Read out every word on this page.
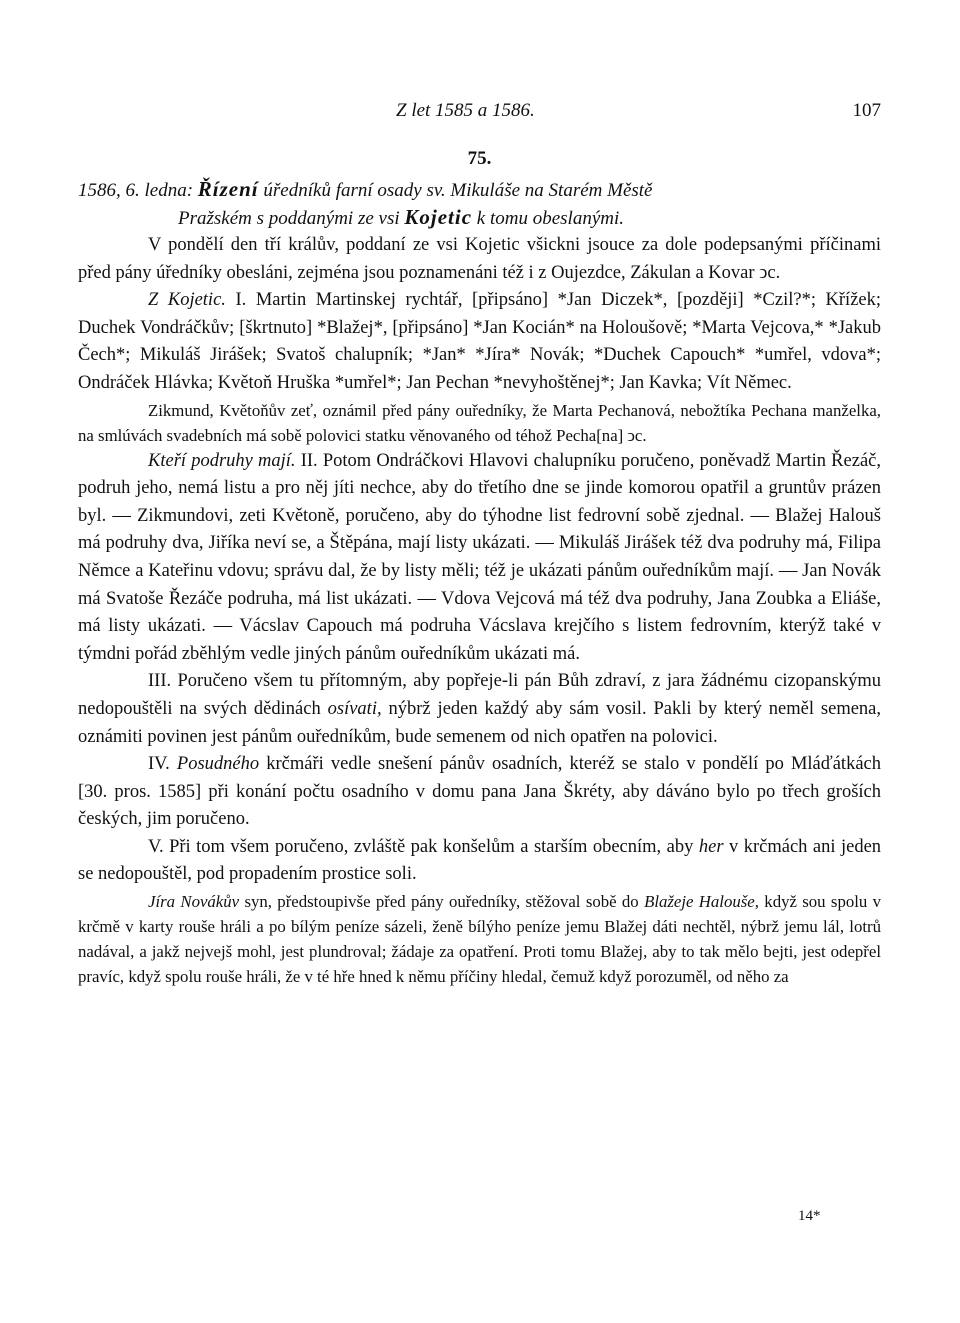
Z let 1585 a 1586.	107
75.
1586, 6. ledna: Řízení úředníků farní osady sv. Mikuláše na Starém Městě
Pražském s poddanými ze vsi Kojetic k tomu obeslanými.

V pondělí den tří králův, poddaní ze vsi Kojetic všickni jsouce za dole podepsanými příčinami před pány úředníky obesláni, zejména jsou poznamenáni též i z Oujezdce, Zákulan a Kovar ͻc.

Z Kojetic. I. Martin Martinskej rychtář, [připsáno] *Jan Diczek*, [později] *Czil?*; Křížek; Duchek Vondráčkův; [škrtnuto] *Blažej*, [připsáno] *Jan Kocián* na Holoušově; *Marta Vejcova,* *Jakub Čech*; Mikuláš Jirášek; Svatoš chalupník; *Jan* *Jíra* Novák; *Duchek Capouch* *umřel, vdova*; Ondráček Hlávka; Květoň Hruška *umřel*; Jan Pechan *nevyhoštěnej*; Jan Kavka; Vít Němec.

Zikmund, Květoňův zeť, oznámil před pány ouředníky, že Marta Pechanová, nebožtíka Pechana manželka, na smlúvách svadebních má sobě polovici statku věnovaného od téhož Pecha[na] ͻc.

Kteří podruhy mají. II. Potom Ondráčkovi Hlavovi chalupníku poručeno, poněvadž Martin Řezáč, podruh jeho, nemá listu a pro něj jíti nechce, aby do třetího dne se jinde komorou opatřil a gruntův prázen byl. — Zikmundovi, zeti Květoně, poručeno, aby do týhodne list fedrovní sobě zjednal. — Blažej Halouš má podruhy dva, Jiříka neví se, a Štěpána, mají listy ukázati. — Mikuláš Jirášek též dva podruhy má, Filipa Němce a Kateřinu vdovu; správu dal, že by listy měli; též je ukázati pánům ouředníkům mají. — Jan Novák má Svatoše Řezáče podruha, má list ukázati. — Vdova Vejcová má též dva podruhy, Jana Zoubka a Eliáše, má listy ukázati. — Vácslav Capouch má podruha Vácslava krejčího s listem fedrovním, kterýž také v týmdni pořád zběhlým vedle jiných pánům ouředníkům ukázati má.

III. Poručeno všem tu přítomným, aby popřeje-li pán Bůh zdraví, z jara žádnému cizopanskýmu nedopouštěli na svých dědinách osívati, nýbrž jeden každý aby sám vosil. Pakli by který neměl semena, oznámiti povinen jest pánům ouředníkům, bude semenem od nich opatřen na polovici.

IV. Posudného krčmáři vedle snešení pánův osadních, kteréž se stalo v pondělí po Mláďátkách [30. pros. 1585] při konání počtu osadního v domu pana Jana Škréty, aby dáváno bylo po třech groších českých, jim poručeno.

V. Při tom všem poručeno, zvláště pak konšelům a starším obecním, aby her v krčmách ani jeden se nedopouštěl, pod propadením prostice soli.

Jíra Novákův syn, předstoupivše před pány ouředníky, stěžoval sobě do Blažeje Halouše, když sou spolu v krčmě v karty rouše hráli a po bílým peníze sázeli, ženě bílýho peníze jemu Blažej dáti nechtěl, nýbrž jemu lál, lotrů nadával, a jakž nejvejš mohl, jest plundroval; žádaje za opatření. Proti tomu Blažej, aby to tak mělo bejti, jest odepřel pravíc, když spolu rouše hráli, že v té hře hned k němu příčiny hledal, čemuž když porozuměl, od něho za

14*
